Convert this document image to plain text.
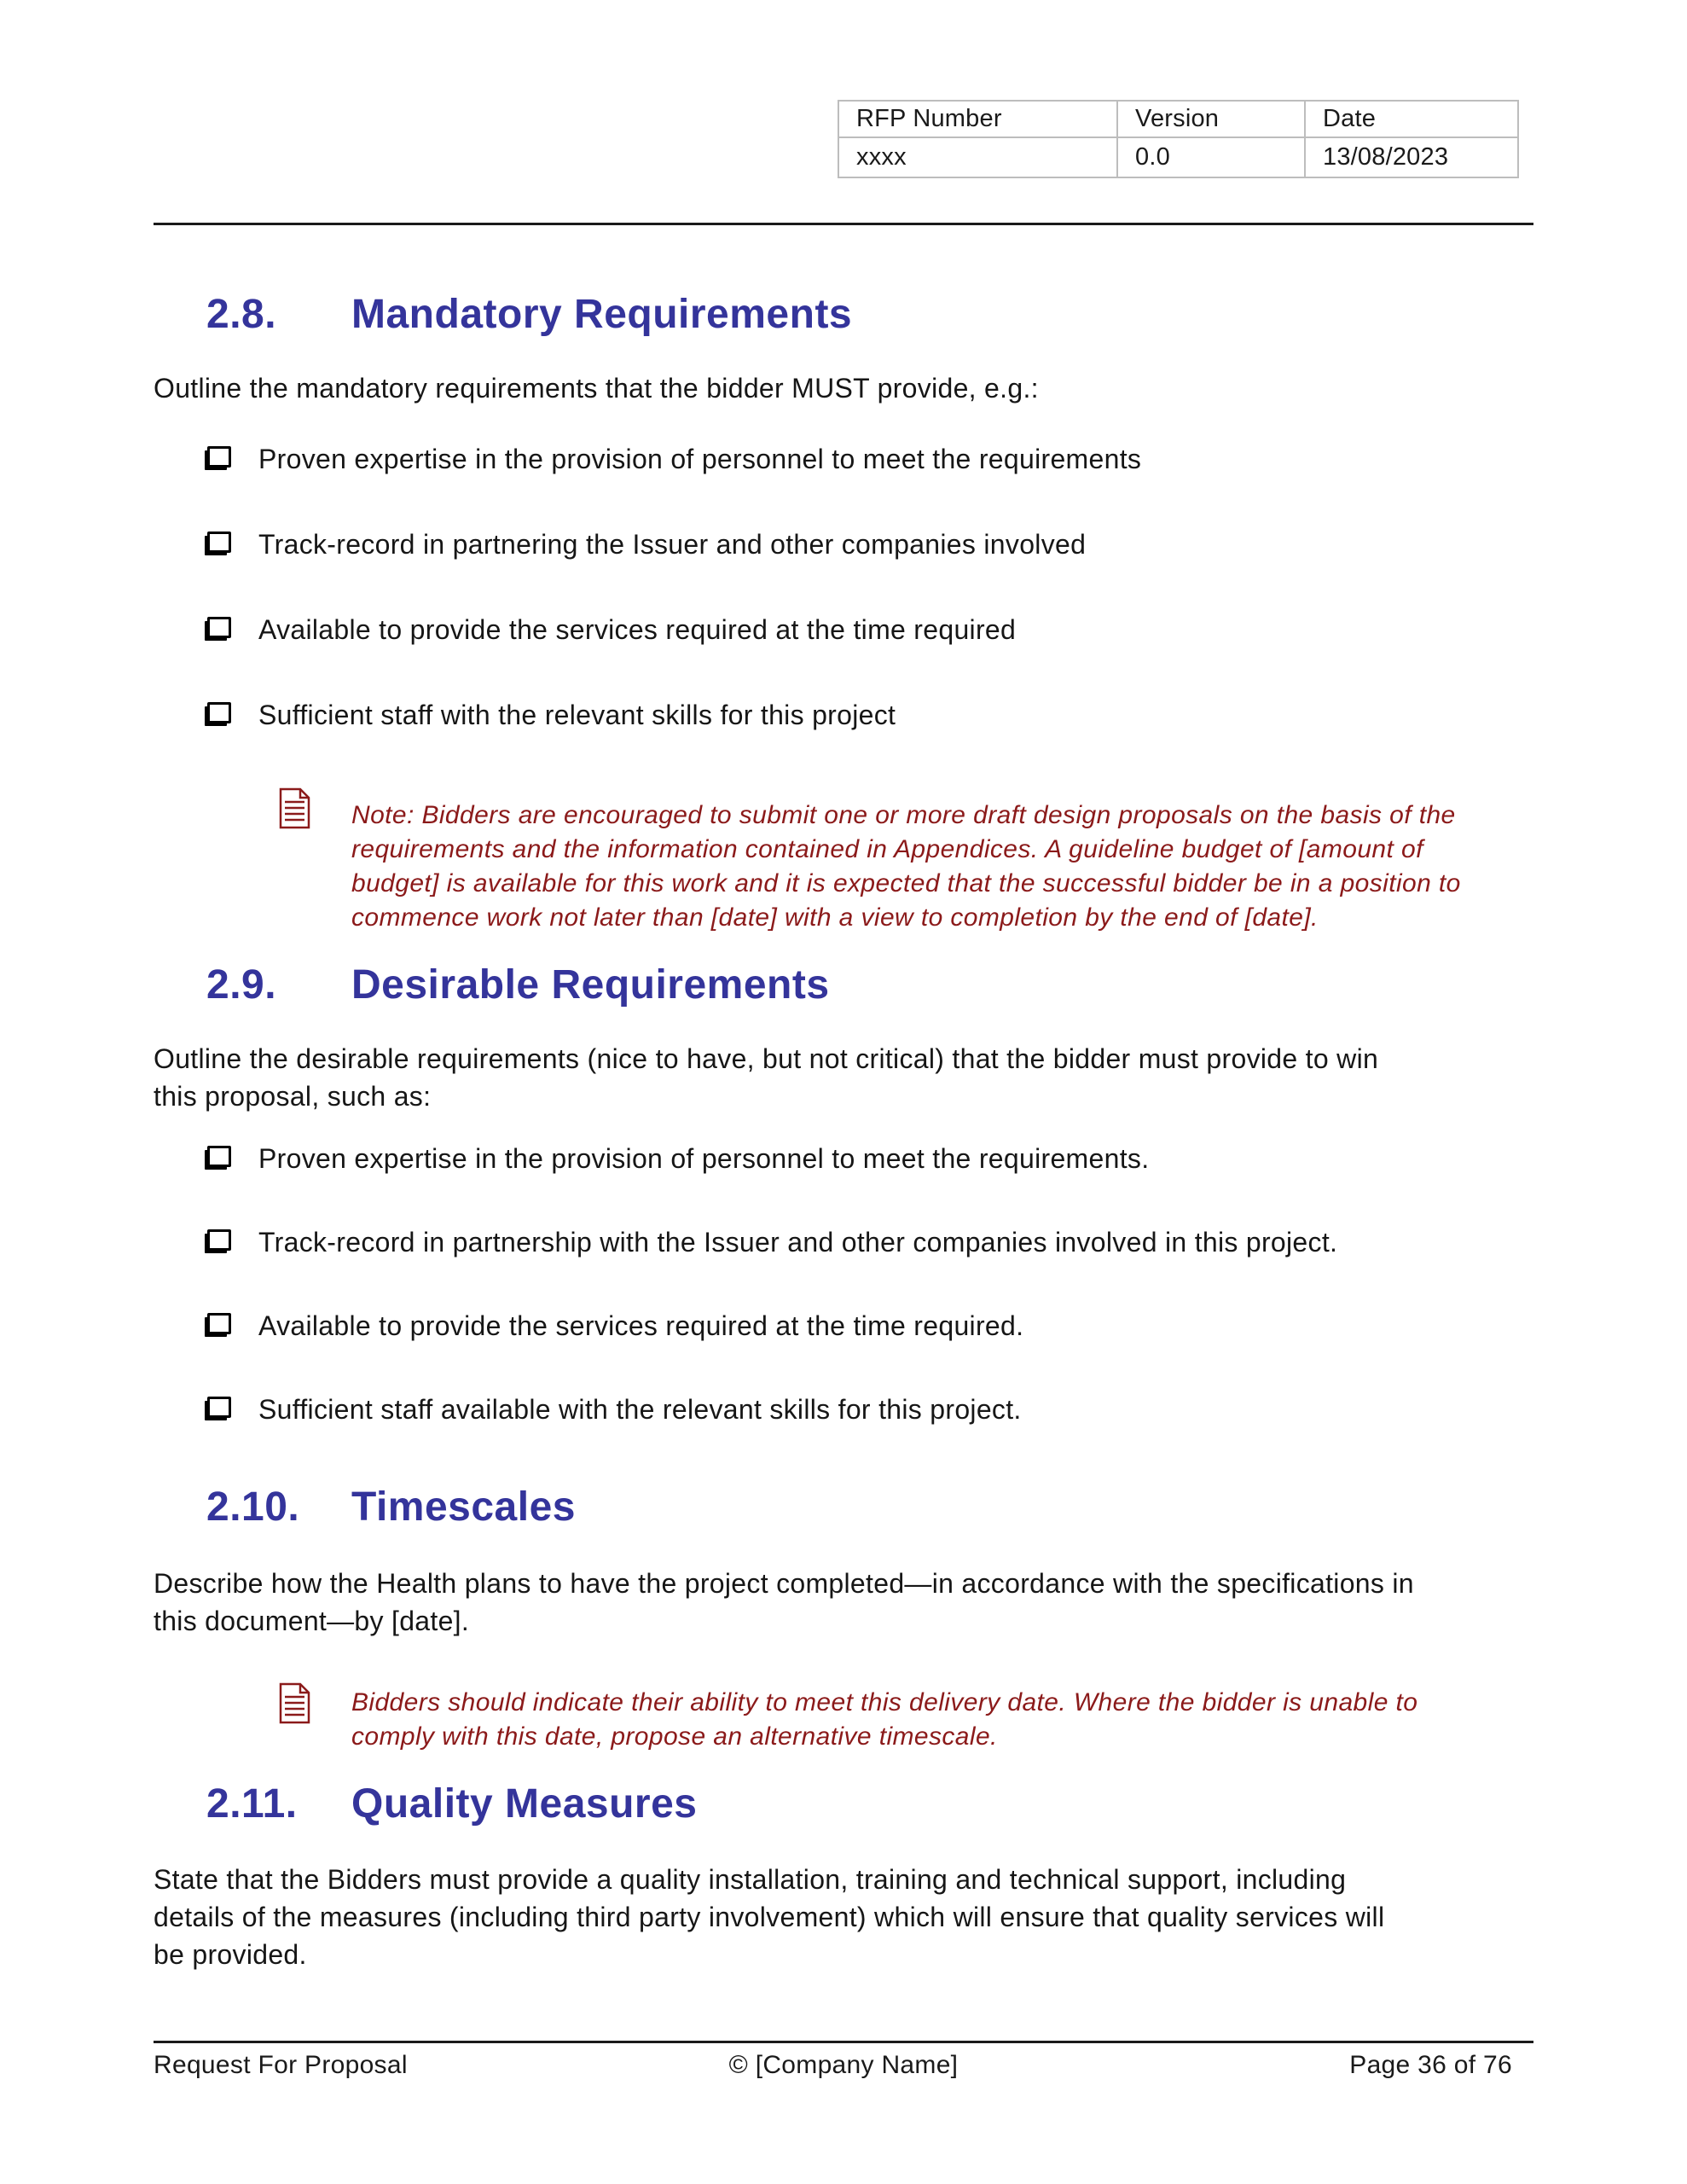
RFP Number	Version	Date
xxxx	0.0	13/08/2023
2.8. Mandatory Requirements
Outline the mandatory requirements that the bidder MUST provide, e.g.:
Proven expertise in the provision of personnel to meet the requirements
Track-record in partnering the Issuer and other companies involved
Available to provide the services required at the time required
Sufficient staff with the relevant skills for this project
Note: Bidders are encouraged to submit one or more draft design proposals on the basis of the
requirements and the information contained in Appendices. A guideline budget of [amount of
budget] is available for this work and it is expected that the successful bidder be in a position to
commence work not later than [date] with a view to completion by the end of [date].
2.9. Desirable Requirements
Outline the desirable requirements (nice to have, but not critical) that the bidder must provide to win
this proposal, such as:
Proven expertise in the provision of personnel to meet the requirements.
Track-record in partnership with the Issuer and other companies involved in this project.
Available to provide the services required at the time required.
Sufficient staff available with the relevant skills for this project.
2.10. Timescales
Describe how the Health plans to have the project completed—in accordance with the specifications in
this document—by [date].
Bidders should indicate their ability to meet this delivery date. Where the bidder is unable to
comply with this date, propose an alternative timescale.
2.11. Quality Measures
State that the Bidders must provide a quality installation, training and technical support, including
details of the measures (including third party involvement) which will ensure that quality services will
be provided.
© [Company Name]
Request For Proposal	Page 36 of 76
